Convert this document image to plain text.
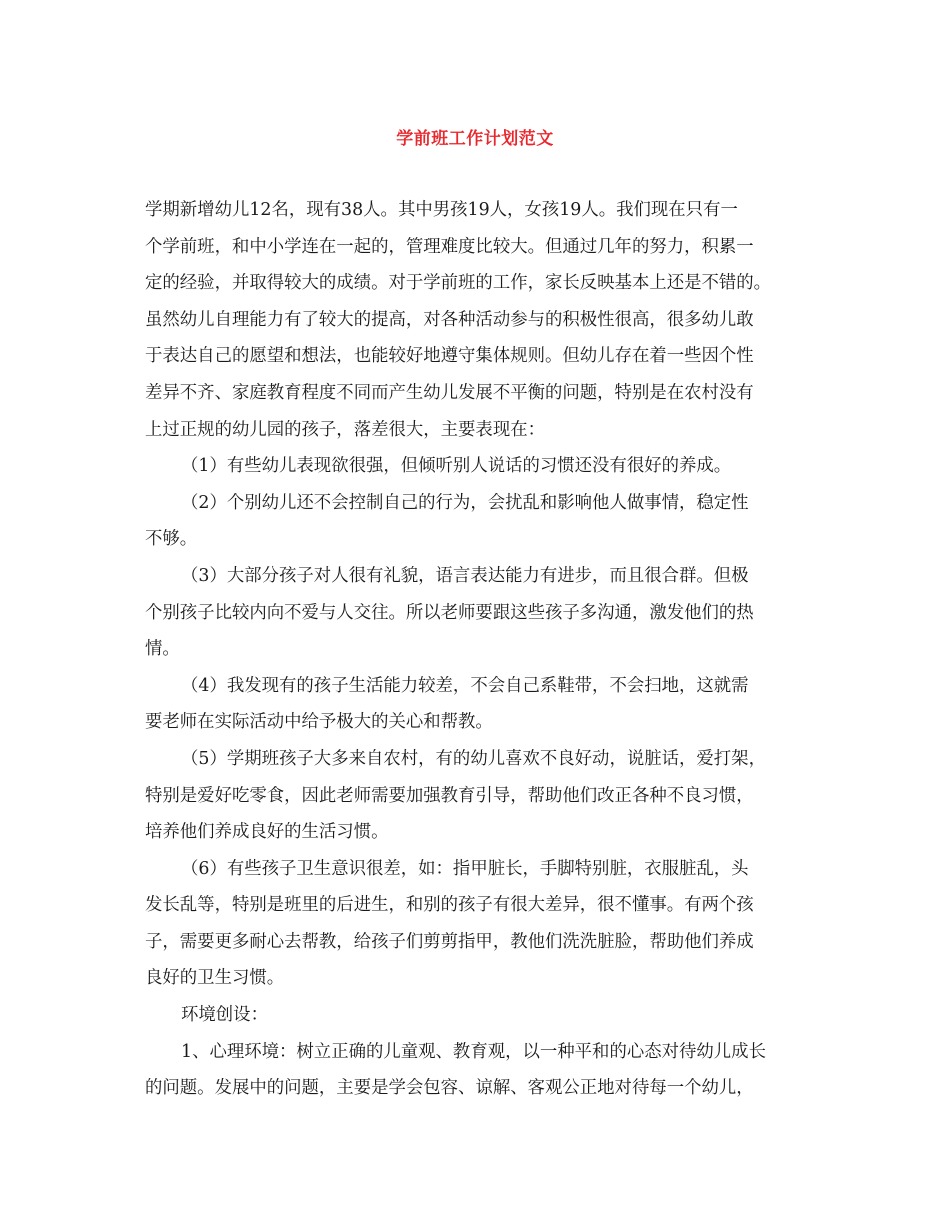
学前班工作计划范文
学期新增幼儿12名，现有38人。其中男孩19人，女孩19人。我们现在只有一
个学前班，和中小学连在一起的，管理难度比较大。但通过几年的努力，积累一
定的经验，并取得较大的成绩。对于学前班的工作，家长反映基本上还是不错的。
虽然幼儿自理能力有了较大的提高，对各种活动参与的积极性很高，很多幼儿敢
于表达自己的愿望和想法，也能较好地遵守集体规则。但幼儿存在着一些因个性
差异不齐、家庭教育程度不同而产生幼儿发展不平衡的问题，特别是在农村没有
上过正规的幼儿园的孩子，落差很大，主要表现在：
（1）有些幼儿表现欲很强，但倾听别人说话的习惯还没有很好的养成。
（2）个别幼儿还不会控制自己的行为，会扰乱和影响他人做事情，稳定性
不够。
（3）大部分孩子对人很有礼貌，语言表达能力有进步，而且很合群。但极
个别孩子比较内向不爱与人交往。所以老师要跟这些孩子多沟通，激发他们的热
情。
（4）我发现有的孩子生活能力较差，不会自己系鞋带，不会扫地，这就需
要老师在实际活动中给予极大的关心和帮教。
（5）学期班孩子大多来自农村，有的幼儿喜欢不良好动，说脏话，爱打架，
特别是爱好吃零食，因此老师需要加强教育引导，帮助他们改正各种不良习惯，
培养他们养成良好的生活习惯。
（6）有些孩子卫生意识很差，如：指甲脏长，手脚特别脏，衣服脏乱，头
发长乱等，特别是班里的后进生，和别的孩子有很大差异，很不懂事。有两个孩
子，需要更多耐心去帮教，给孩子们剪剪指甲，教他们洗洗脏脸，帮助他们养成
良好的卫生习惯。
环境创设：
1、心理环境：树立正确的儿童观、教育观，以一种平和的心态对待幼儿成长
的问题。发展中的问题，主要是学会包容、谅解、客观公正地对待每一个幼儿，
